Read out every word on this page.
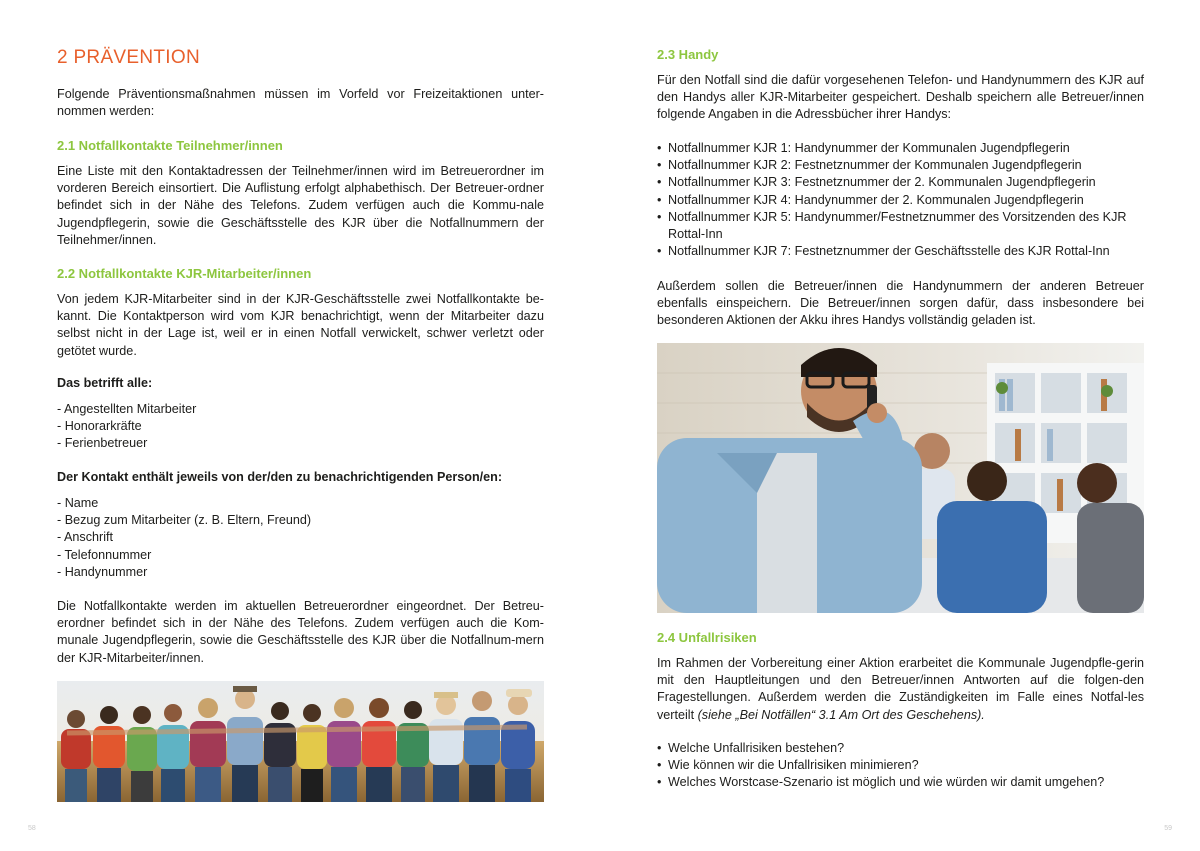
2 PRÄVENTION
Folgende Präventionsmaßnahmen müssen im Vorfeld vor Freizeitaktionen unter-nommen werden:
2.1 Notfallkontakte Teilnehmer/innen
Eine Liste mit den Kontaktadressen der Teilnehmer/innen wird im Betreuerordner im vorderen Bereich einsortiert. Die Auflistung erfolgt alphabethisch. Der Betreuer-ordner befindet sich in der Nähe des Telefons. Zudem verfügen auch die Kommu-nale Jugendpflegerin, sowie die Geschäftsstelle des KJR über die Notfallnummern der Teilnehmer/innen.
2.2 Notfallkontakte KJR-Mitarbeiter/innen
Von jedem KJR-Mitarbeiter sind in der KJR-Geschäftsstelle zwei Notfallkontakte be-kannt. Die Kontaktperson wird vom KJR benachrichtigt, wenn der Mitarbeiter dazu selbst nicht in der Lage ist, weil er in einen Notfall verwickelt, schwer verletzt oder getötet wurde.
Das betrifft alle:
- Angestellten Mitarbeiter
- Honorarkräfte
- Ferienbetreuer
Der Kontakt enthält jeweils von der/den zu benachrichtigenden Person/en:
- Name
- Bezug zum Mitarbeiter (z. B. Eltern, Freund)
- Anschrift
- Telefonnummer
- Handynummer
Die Notfallkontakte werden im aktuellen Betreuerordner eingeordnet. Der Betreu-erordner befindet sich in der Nähe des Telefons. Zudem verfügen auch die Kom-munale Jugendpflegerin, sowie die Geschäftsstelle des KJR über die Notfallnum-mern der KJR-Mitarbeiter/innen.
58
2.3 Handy
Für den Notfall sind die dafür vorgesehenen Telefon- und Handynummern des KJR auf den Handys aller KJR-Mitarbeiter gespeichert. Deshalb speichern alle Betreuer/innen folgende Angaben in die Adressbücher ihrer Handys:
• Notfallnummer KJR 1: Handynummer der Kommunalen Jugendpflegerin
• Notfallnummer KJR 2: Festnetznummer der Kommunalen Jugendpflegerin
• Notfallnummer KJR 3: Festnetznummer der 2. Kommunalen Jugendpflegerin
• Notfallnummer KJR 4: Handynummer der 2. Kommunalen Jugendpflegerin
• Notfallnummer KJR 5: Handynummer/Festnetznummer des Vorsitzenden des KJR Rottal-Inn
• Notfallnummer KJR 7: Festnetznummer der Geschäftsstelle des KJR Rottal-Inn
Außerdem sollen die Betreuer/innen die Handynummern der anderen Betreuer ebenfalls einspeichern. Die Betreuer/innen sorgen dafür, dass insbesondere bei besonderen Aktionen der Akku ihres Handys vollständig geladen ist.
2.4 Unfallrisiken
Im Rahmen der Vorbereitung einer Aktion erarbeitet die Kommunale Jugendpfle-gerin mit den Hauptleitungen und den Betreuer/innen Antworten auf die folgen-den Fragestellungen. Außerdem werden die Zuständigkeiten im Falle eines Notfal-les verteilt (siehe „Bei Notfällen“ 3.1 Am Ort des Geschehens).
• Welche Unfallrisiken bestehen?
• Wie können wir die Unfallrisiken minimieren?
• Welches Worstcase-Szenario ist möglich und wie würden wir damit umgehen?
59
